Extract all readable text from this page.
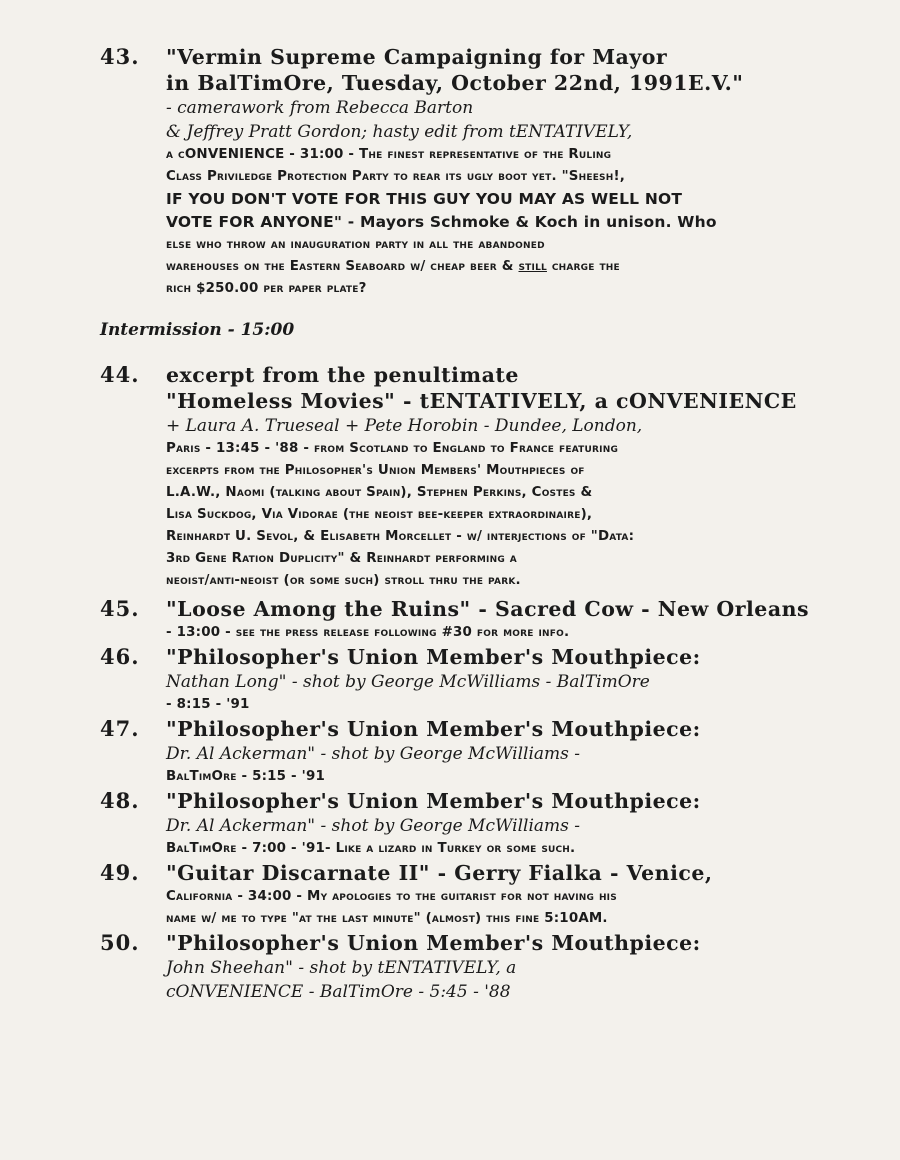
43. "Vermin Supreme Campaigning for Mayor
in BalTimOre, Tuesday, October 22nd, 1991E.V."
- camerawork from Rebecca Barton
& Jeffrey Pratt Gordon; hasty edit from tENTATIVELY,
a cONVENIENCE - 31:00 - The finest representative of the Ruling
Class Priviledge Protection Party to rear its ugly boot yet. "Sheesh!,
IF YOU DON'T VOTE FOR THIS GUY YOU MAY AS WELL NOT
VOTE FOR ANYONE" - Mayors Schmoke & Koch in unison. Who
else who throw an inauguration party in all the abandoned
warehouses on the Eastern Seaboard w/ cheap beer & still charge the
rich $250.00 per paper plate?
Intermission - 15:00
44. excerpt from the penultimate
"Homeless Movies" - tENTATIVELY, a cONVENIENCE
+ Laura A. Trueseal + Pete Horobin - Dundee, London,
Paris - 13:45 - '88 - from Scotland to England to France featuring
excerpts from the Philosopher's Union Members' Mouthpieces of
L.A.W., Naomi (talking about Spain), Stephen Perkins, Costes &
Lisa Suckdog, Via Vidorae (the neoist bee-keeper extraordinaire),
Reinhardt U. Sevol, & Elisabeth Morcellet - w/ interjections of "Data:
3rd Gene Ration Duplicity" & Reinhardt performing a
neoist/anti-neoist (or some such) stroll thru the park.
45. "Loose Among the Ruins" - Sacred Cow - New Orleans
- 13:00 - see the press release following #30 for more info.
46. "Philosopher's Union Member's Mouthpiece:
Nathan Long" - shot by George McWilliams - BalTimOre
- 8:15 - '91
47. "Philosopher's Union Member's Mouthpiece:
Dr. Al Ackerman" - shot by George McWilliams -
BalTimOre - 5:15 - '91
48. "Philosopher's Union Member's Mouthpiece:
Dr. Al Ackerman" - shot by George McWilliams -
BalTimOre - 7:00 - '91- Like a lizard in Turkey or some such.
49. "Guitar Discarnate II" - Gerry Fialka - Venice,
California - 34:00 - My apologies to the guitarist for not having his
name w/ me to type "at the last minute" (almost) this fine 5:10AM.
50. "Philosopher's Union Member's Mouthpiece:
John Sheehan" - shot by tENTATIVELY, a
cONVENIENCE - BalTimOre - 5:45 - '88
